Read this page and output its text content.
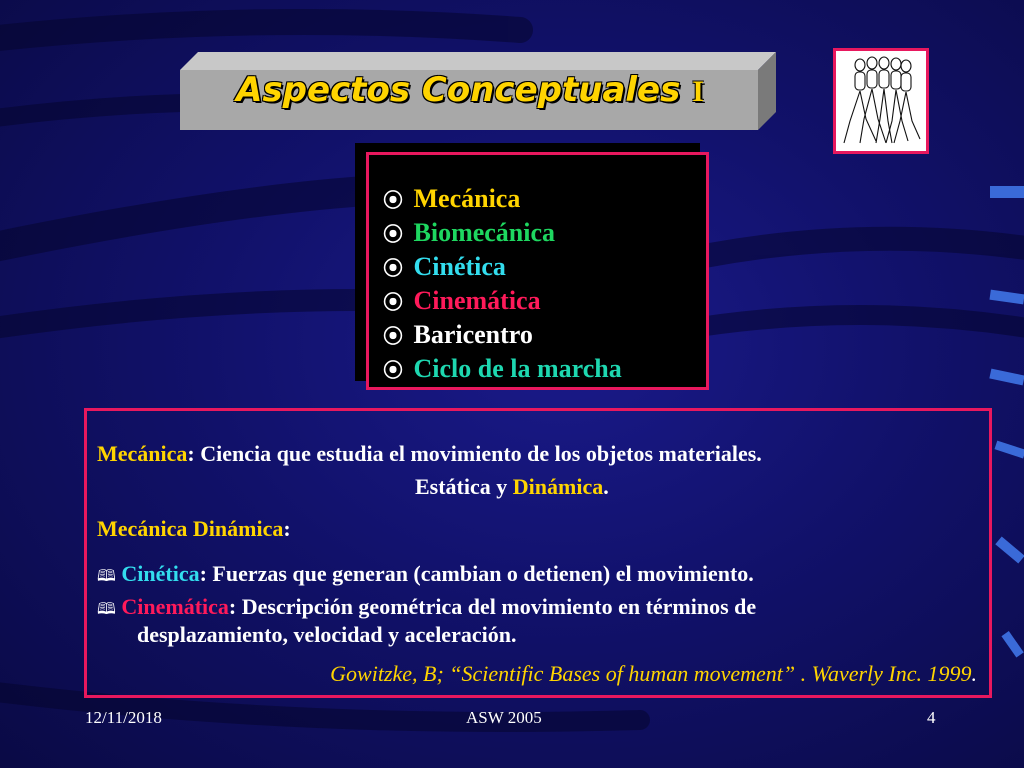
Aspectos Conceptuales I
⦿ Mecánica
⦿ Biomecánica
⦿ Cinética
⦿ Cinemática
⦿ Baricentro
⦿ Ciclo de la marcha
Mecánica: Ciencia que estudia el movimiento de los objetos materiales.
Estática y Dinámica.
Mecánica Dinámica:
🕮 Cinética: Fuerzas que generan (cambian o detienen) el movimiento.
🕮 Cinemática: Descripción geométrica del movimiento en términos de
desplazamiento, velocidad y aceleración.
Gowitzke, B; “Scientific Bases of human movement” . Waverly Inc. 1999.
12/11/2018	ASW 2005	4
